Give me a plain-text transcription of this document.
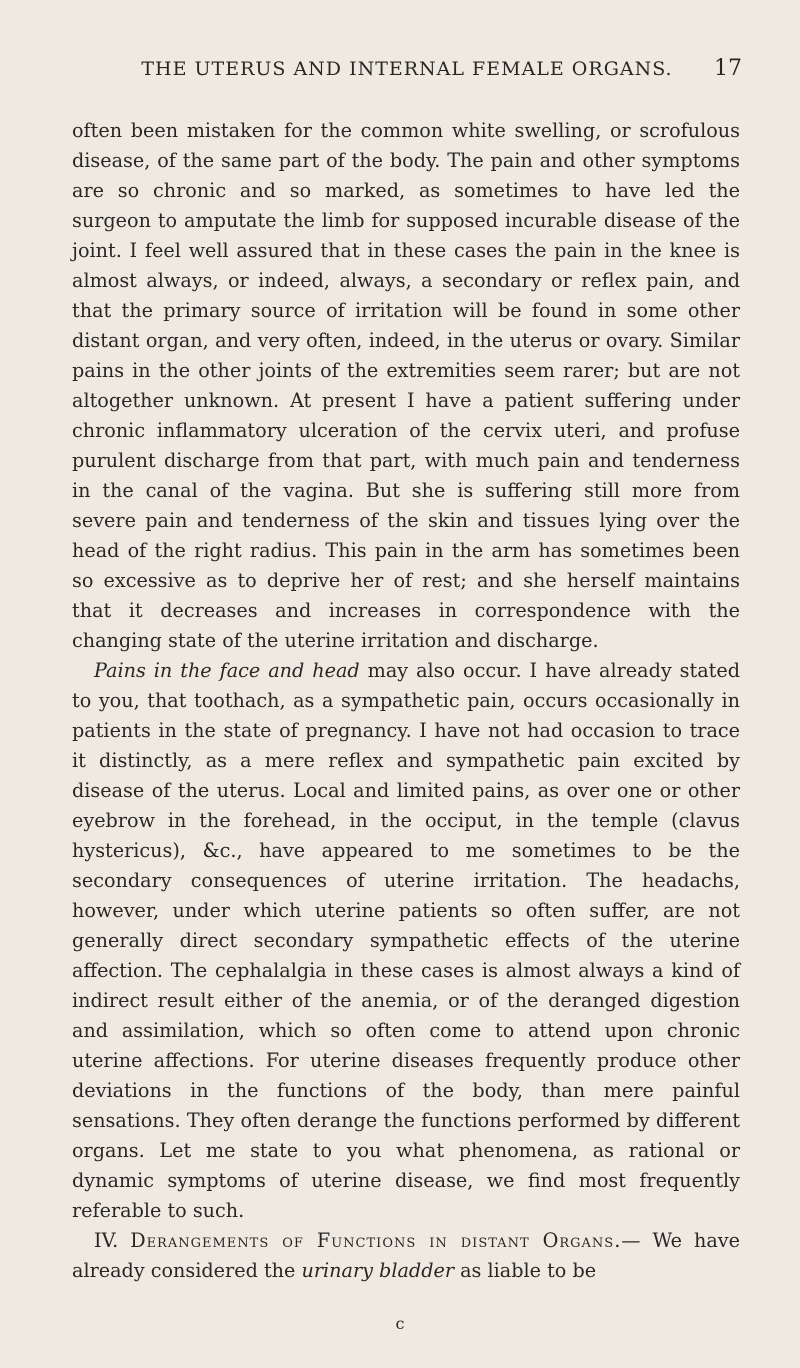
THE UTERUS AND INTERNAL FEMALE ORGANS.	17

often been mistaken for the common white swelling, or scrofulous disease, of the same part of the body. The pain and other symptoms are so chronic and so marked, as sometimes to have led the surgeon to amputate the limb for supposed incurable disease of the joint. I feel well assured that in these cases the pain in the knee is almost always, or indeed, always, a secondary or reflex pain, and that the primary source of irritation will be found in some other distant organ, and very often, indeed, in the uterus or ovary. Similar pains in the other joints of the extremities seem rarer; but are not altogether unknown. At present I have a patient suffering under chronic inflammatory ulceration of the cervix uteri, and profuse purulent discharge from that part, with much pain and tenderness in the canal of the vagina. But she is suffering still more from severe pain and tenderness of the skin and tissues lying over the head of the right radius. This pain in the arm has sometimes been so excessive as to deprive her of rest; and she herself maintains that it decreases and increases in correspondence with the changing state of the uterine irritation and discharge.

Pains in the face and head may also occur. I have already stated to you, that toothach, as a sympathetic pain, occurs occasionally in patients in the state of pregnancy. I have not had occasion to trace it distinctly, as a mere reflex and sympathetic pain excited by disease of the uterus. Local and limited pains, as over one or other eyebrow in the forehead, in the occiput, in the temple (clavus hystericus), &c., have appeared to me sometimes to be the secondary consequences of uterine irritation. The headachs, however, under which uterine patients so often suffer, are not generally direct secondary sympathetic effects of the uterine affection. The cephalalgia in these cases is almost always a kind of indirect result either of the anemia, or of the deranged digestion and assimilation, which so often come to attend upon chronic uterine affections. For uterine diseases frequently produce other deviations in the functions of the body, than mere painful sensations. They often derange the functions performed by different organs. Let me state to you what phenomena, as rational or dynamic symptoms of uterine disease, we find most frequently referable to such.

IV. Derangements of Functions in distant Organs.— We have already considered the urinary bladder as liable to be

c
